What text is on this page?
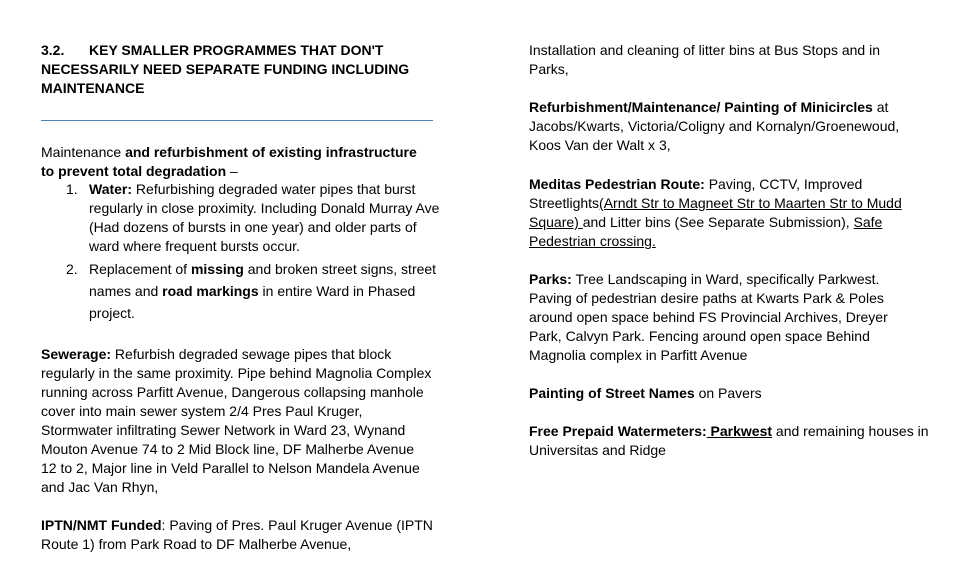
3.2. KEY SMALLER PROGRAMMES THAT DON'T NECESSARILY NEED SEPARATE FUNDING INCLUDING MAINTENANCE

Maintenance and refurbishment of existing infrastructure to prevent total degradation –

1. Water: Refurbishing degraded water pipes that burst regularly in close proximity. Including Donald Murray Ave (Had dozens of bursts in one year) and older parts of ward where frequent bursts occur.
2. Replacement of missing and broken street signs, street names and road markings in entire Ward in Phased project.

Sewerage: Refurbish degraded sewage pipes that block regularly in the same proximity. Pipe behind Magnolia Complex running across Parfitt Avenue, Dangerous collapsing manhole cover into main sewer system 2/4 Pres Paul Kruger, Stormwater infiltrating Sewer Network in Ward 23, Wynand Mouton Avenue 74 to 2 Mid Block line, DF Malherbe Avenue 12 to 2, Major line in Veld Parallel to Nelson Mandela Avenue and Jac Van Rhyn,

IPTN/NMT Funded: Paving of Pres. Paul Kruger Avenue (IPTN Route 1) from Park Road to DF Malherbe Avenue,

Installation and cleaning of litter bins at Bus Stops and in Parks,

Refurbishment/Maintenance/ Painting of Minicircles at Jacobs/Kwarts, Victoria/Coligny and Kornalyn/Groenewoud, Koos Van der Walt x 3,

Meditas Pedestrian Route: Paving, CCTV, Improved Streetlights(Arndt Str to Magneet Str to Maarten Str to Mudd Square) and Litter bins (See Separate Submission), Safe Pedestrian crossing.

Parks: Tree Landscaping in Ward, specifically Parkwest. Paving of pedestrian desire paths at Kwarts Park & Poles around open space behind FS Provincial Archives, Dreyer Park, Calvyn Park. Fencing around open space Behind Magnolia complex in Parfitt Avenue

Painting of Street Names on Pavers

Free Prepaid Watermeters: Parkwest and remaining houses in Universitas and Ridge
